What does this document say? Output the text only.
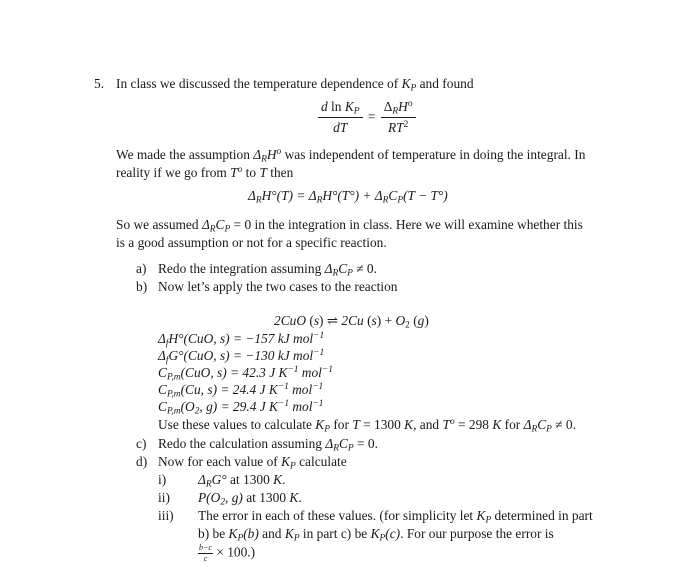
5. In class we discussed the temperature dependence of $K_P$ and found
$\frac{d \ln K_P}{dT} = \frac{\Delta_RH^o}{RT^2}$
We made the assumption $\Delta_RH^o$ was independent of temperature in doing the integral. In
reality if we go from $T^o$ to T then
$\Delta_RH^\circ(T) = \Delta_RH^\circ(T^\circ) + \Delta_RC_P(T - T^\circ)$
So we assumed $\Delta_RC_P = 0$ in the integration in class. Here we will examine whether this
is a good assumption or not for a specific reaction.
a) Redo the integration assuming $\Delta_RC_P \ne 0$.
b) Now let’s apply the two cases to the reaction
2CuO (s) ⇌ 2Cu $(s) + O_2$ (g)
$\Delta_fH^\circ(CuO$, s) = −157 kJ mol$^{-1}$
$\Delta_fG^\circ(CuO$, s) = −130 kJ mol$^{-1}$
$C_{P,m}(CuO$, s) = 42.3 J $K^{-1}$ mol$^{-1}$
$C_{P,m}(Cu$, s) = 24.4 J $K^{-1}$ mol$^{-1}$
$C_{P,m}(O_2$, g) = 29.4 J $K^{-1}$ mol$^{-1}$
Use these values to calculate $K_P$ for T = 1300 K, and $T^o = 298$ K for $\Delta_RC_P \ne 0$.
c) Redo the calculation assuming $\Delta_RC_P = 0$.
d) Now for each value of $K_P$ calculate
i) $\Delta_RG^\circ$ at 1300 K.
ii) $P(O_2$, g) at 1300 K.
iii) The error in each of these values. (for simplicity let $K_P$ determined in part
b) be $K_P(b)$ and $K_P$ in part c) be $K_P(c)$. For our purpose the error is
$\frac{b-c}{c} \times 100$.)
